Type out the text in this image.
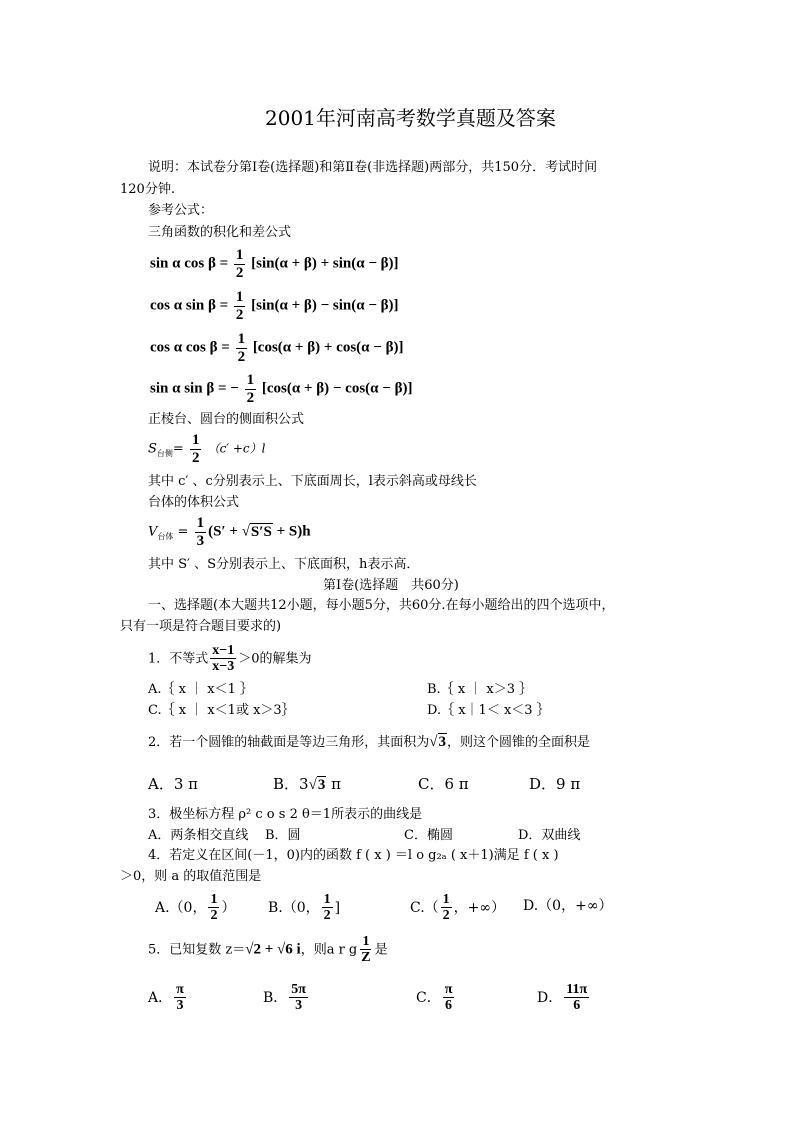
2001年河南高考数学真题及答案
说明：本试卷分第Ⅰ卷(选择题)和第Ⅱ卷(非选择题)两部分，共150分．考试时间
120分钟.
参考公式：
三角函数的积化和差公式
sin α $\cos \beta = \frac{1}{2} [\sin(\alpha + \beta) + \sin(\alpha - \beta)]$
cos α $\sin \beta = \frac{1}{2} [\sin(\alpha + \beta) - \sin(\alpha - \beta)]$
cos α $\cos \beta = \frac{1}{2} [\cos(\alpha + \beta) + \cos(\alpha - \beta)]$
sin α sin β = − $\frac{1}{2} [\cos(\alpha + \beta) - \cos(\alpha - \beta)]$
正棱台、圆台的侧面积公式
$S_{台侧}= \frac{1}{2} (c' +c)l$
其中 c′ 、c分别表示上、下底面周长，l表示斜高或母线长
台体的体积公式
$V_{台体} = \frac{1}{3} (S' + √S'S + S)h$
其中 S′ 、S分别表示上、下底面积，h表示高．
第Ⅰ卷(选择题　共60分)
一、选择题(本大题共12小题，每小题5分，共60分.在每小题给出的四个选项中，
只有一项是符合题目要求的)
1．不等式 $\frac{x-1}{x-3} >0$的解集为
A.｛ x ｜ x＜1 ｝	B.｛ x ｜ x＞3 ｝
C.｛ x ｜ x＜1或 x＞3｝	D.｛ x｜1＜ x＜3 ｝
2．若一个圆锥的轴截面是等边三角形，其面积为√3，则这个圆锥的全面积是
A．3 π	B．3√3 π	C．6 π	D．9 π
3．极坐标方程 ρ² c o s 2 θ＝1所表示的曲线是
A．两条相交直线 B．圆	C．椭圆	D．双曲线
4．若定义在区间(－1，0)内的函数 f ( x ) ＝l o g₂ₐ ( x＋1)满足 f ( x )
＞0，则 a 的取值范围是
A.（0， $\frac{1}{2}$ ） B.（0， $\frac{1}{2}$ ]	$C.( \frac{1}{2}$ ，+∞） D.（0，+∞）
5．已知复数 z＝√2 + √6 i，则a r g $\frac{1}{Z}$ 是
A． $\frac{\pi}{3}$	B． $\frac{5\pi}{3}$	C． $\frac{\pi}{6}$	D． $\frac{11\pi}{6}$
